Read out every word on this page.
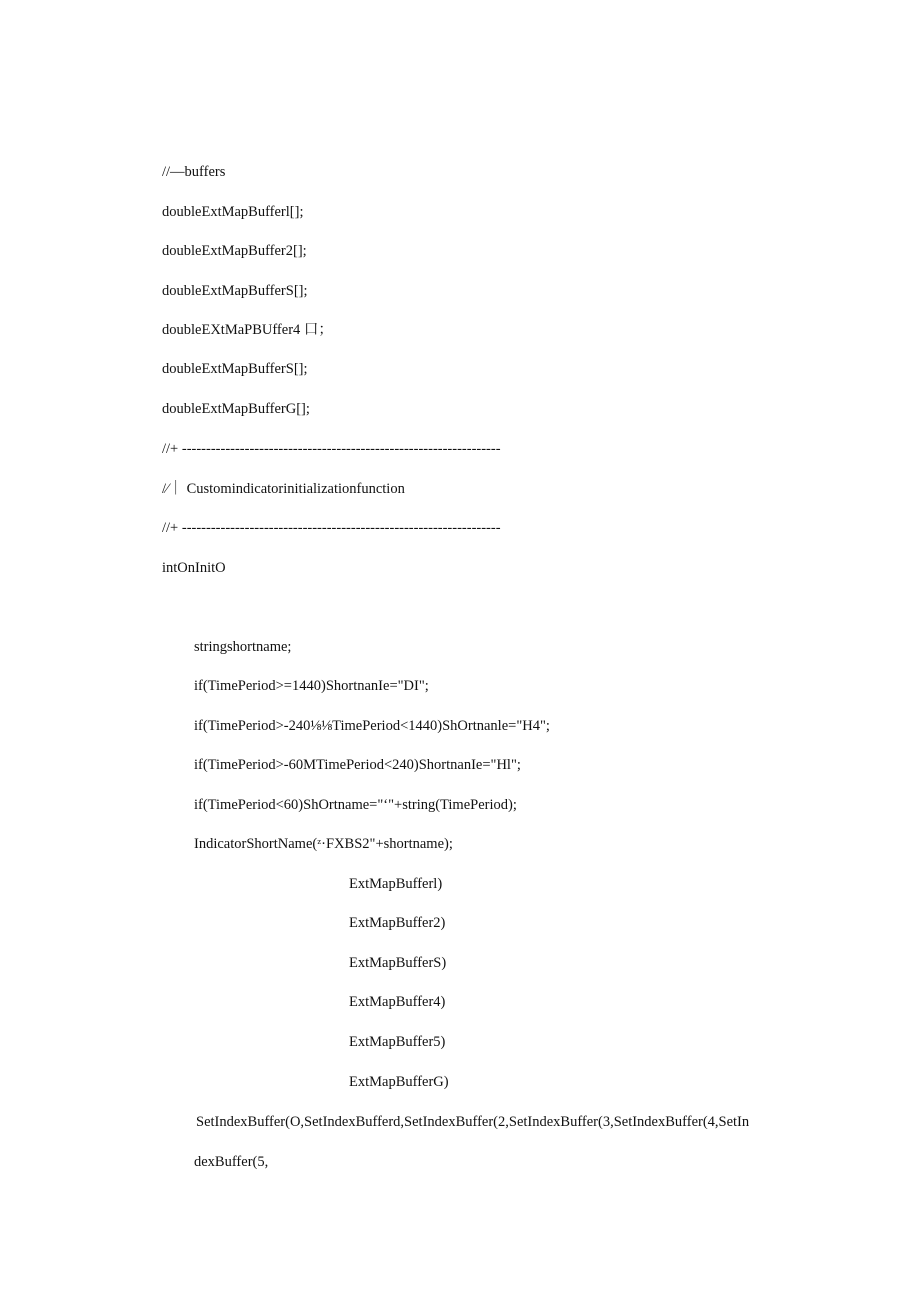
//—buffers
doubleExtMapBufferl[];
doubleExtMapBuffer2[];
doubleExtMapBufferS[];
doubleEXtMaPBUffer4 口；
doubleExtMapBufferS[];
doubleExtMapBufferG[];
//+ ------------------------------------------------------------------
/⁄｜ Customindicatorinitializationfunction
//+ ------------------------------------------------------------------
intOnInitO
stringshortname;
if(TimePeriod>=1440)ShortnanIe="DI";
if(TimePeriod>-240⅛⅛TimePeriod<1440)ShOrtnanle="H4";
if(TimePeriod>-60MTimePeriod<240)ShortnanIe="Hl";
if(TimePeriod<60)ShOrtname="‘"+string(TimePeriod);
IndicatorShortName(ᶻ·FXBS2"+shortname);
ExtMapBufferl)
ExtMapBuffer2)
ExtMapBufferS)
ExtMapBuffer4)
ExtMapBuffer5)
ExtMapBufferG)
SetIndexBuffer(O,SetIndexBufferd,SetIndexBuffer(2,SetIndexBuffer(3,SetIndexBuffer(4,SetIn
dexBuffer(5,
